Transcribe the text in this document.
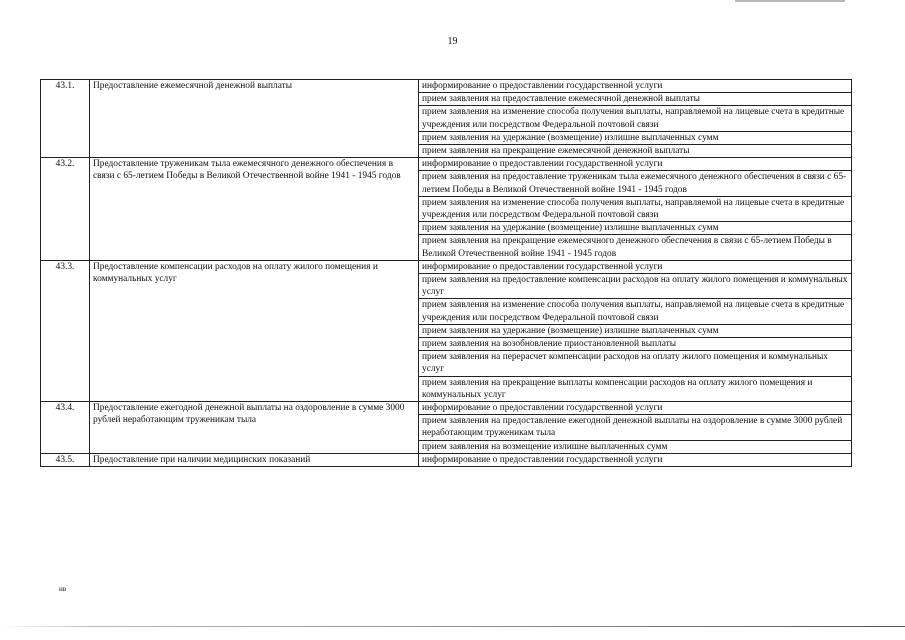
19
43.1.	Предоставление ежемесячной денежной выплаты	информирование о предоставлении государственной услуги
		прием заявления на предоставление ежемесячной денежной выплаты
		прием заявления на изменение способа получения выплаты, направляемой на лицевые счета в кредитные учреждения или посредством Федеральной почтовой связи
		прием заявления на удержание (возмещение) излишне выплаченных сумм
		прием заявления на прекращение ежемесячной денежной выплаты
43.2.	Предоставление труженикам тыла ежемесячного денежного обеспечения в связи с 65-летием Победы в Великой Отечественной войне 1941 - 1945 годов	информирование о предоставлении государственной услуги
		прием заявления на предоставление труженикам тыла ежемесячного денежного обеспечения в связи с 65-летием Победы в Великой Отечественной войне 1941 - 1945 годов
		прием заявления на изменение способа получения выплаты, направляемой на лицевые счета в кредитные учреждения или посредством Федеральной почтовой связи
		прием заявления на удержание (возмещение) излишне выплаченных сумм
		прием заявления на прекращение ежемесячного денежного обеспечения в связи с 65-летием Победы в Великой Отечественной войне 1941 - 1945 годов
43.3.	Предоставление компенсации расходов на оплату жилого помещения и коммунальных услуг	информирование о предоставлении государственной услуги
		прием заявления на предоставление компенсации расходов на оплату жилого помещения и коммунальных услуг
		прием заявления на изменение способа получения выплаты, направляемой на лицевые счета в кредитные учреждения или посредством Федеральной почтовой связи
		прием заявления на удержание (возмещение) излишне выплаченных сумм
		прием заявления на возобновление приостановленной выплаты
		прием заявления на перерасчет компенсации расходов на оплату жилого помещения и коммунальных услуг
		прием заявления на прекращение выплаты компенсации расходов на оплату жилого помещения и коммунальных услуг
43.4.	Предоставление ежегодной денежной выплаты на оздоровление в сумме 3000 рублей неработающим труженикам тыла	информирование о предоставлении государственной услуги
		прием заявления на предоставление ежегодной денежной выплаты на оздоровление в сумме 3000 рублей неработающим труженикам тыла
		прием заявления на возмещение излишне выплаченных сумм
43.5.	Предоставление при наличии медицинских показаний	информирование о предоставлении государственной услуги
нв
